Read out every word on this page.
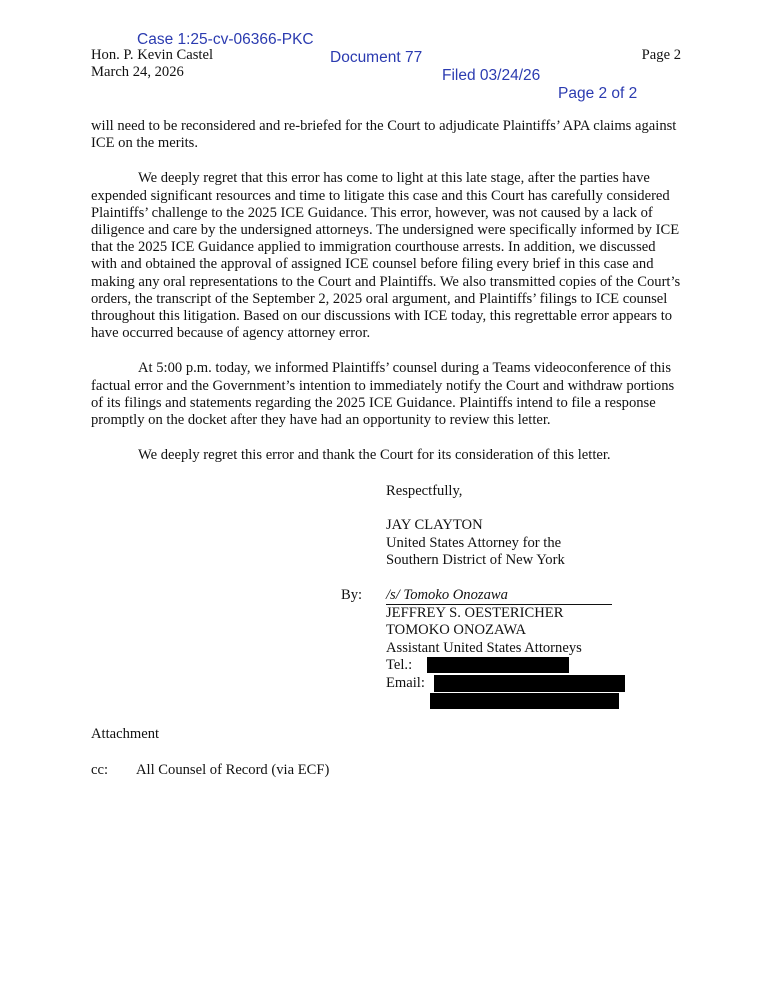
Case 1:25-cv-06366-PKC

Document 77

Filed 03/24/26

Page 2 of 2

Hon. P. Kevin Castel
March 24, 2026
Page 2

will need to be reconsidered and re-briefed for the Court to adjudicate Plaintiffs’ APA claims against ICE on the merits.

We deeply regret that this error has come to light at this late stage, after the parties have expended significant resources and time to litigate this case and this Court has carefully considered Plaintiffs’ challenge to the 2025 ICE Guidance. This error, however, was not caused by a lack of diligence and care by the undersigned attorneys. The undersigned were specifically informed by ICE that the 2025 ICE Guidance applied to immigration courthouse arrests. In addition, we discussed with and obtained the approval of assigned ICE counsel before filing every brief in this case and making any oral representations to the Court and Plaintiffs. We also transmitted copies of the Court’s orders, the transcript of the September 2, 2025 oral argument, and Plaintiffs’ filings to ICE counsel throughout this litigation. Based on our discussions with ICE today, this regrettable error appears to have occurred because of agency attorney error.

At 5:00 p.m. today, we informed Plaintiffs’ counsel during a Teams videoconference of this factual error and the Government’s intention to immediately notify the Court and withdraw portions of its filings and statements regarding the 2025 ICE Guidance. Plaintiffs intend to file a response promptly on the docket after they have had an opportunity to review this letter.

We deeply regret this error and thank the Court for its consideration of this letter.

Respectfully,
JAY CLAYTON
United States Attorney for the
Southern District of New York
/s/ Tomoko Onozawa
JEFFREY S. OESTERICHER
TOMOKO ONOZAWA
Assistant United States Attorneys
Tel.:
Email:
By:
Attachment
cc: All Counsel of Record (via ECF)
